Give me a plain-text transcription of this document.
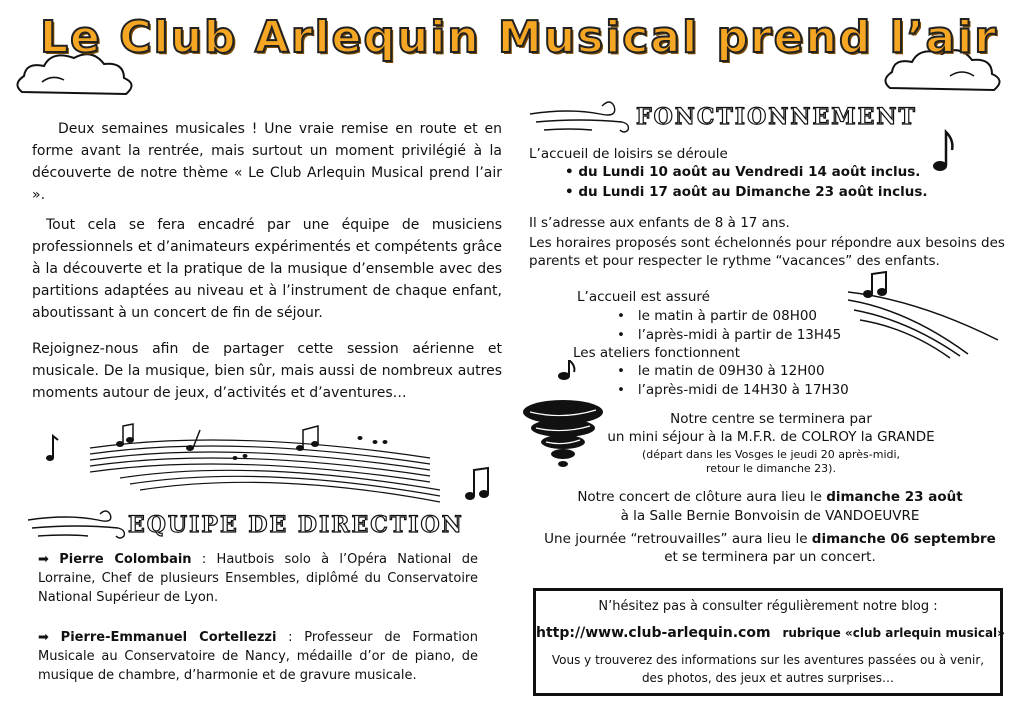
Le Club Arlequin Musical prend l’air

Deux semaines musicales ! Une vraie remise en route et en forme avant la rentrée, mais surtout un moment privilégié à la découverte de notre thème « Le Club Arlequin Musical prend l’air ».

Tout cela se fera encadré par une équipe de musiciens professionnels et d’animateurs expérimentés et compétents grâce à la découverte et la pratique de la musique d’ensemble avec des partitions adaptées au niveau et à l’instrument de chaque enfant, aboutissant à un concert de fin de séjour.

Rejoignez-nous afin de partager cette session aérienne et musicale. De la musique, bien sûr, mais aussi de nombreux autres moments autour de jeux, d’activités et d’aventures…

EQUIPE DE DIRECTION

➡ Pierre Colombain : Hautbois solo à l’Opéra National de Lorraine, Chef de plusieurs Ensembles, diplômé du Conservatoire National Supérieur de Lyon.

➡ Pierre-Emmanuel Cortellezzi : Professeur de Formation Musicale au Conservatoire de Nancy, médaille d’or de piano, de musique de chambre, d’harmonie et de gravure musicale.

FONCTIONNEMENT
L’accueil de loisirs se déroule
• du Lundi 10 août au Vendredi 14 août inclus.
• du Lundi 17 août au Dimanche 23 août inclus.
Il s’adresse aux enfants de 8 à 17 ans.
Les horaires proposés sont échelonnés pour répondre aux besoins des
parents et pour respecter le rythme “vacances” des enfants.
L’accueil est assuré
•   le matin à partir de 08H00
•   l’après-midi à partir de 13H45
Les ateliers fonctionnent
•   le matin de 09H30 à 12H00
•   l’après-midi de 14H30 à 17H30
Notre centre se terminera par
un mini séjour à la M.F.R. de COLROY la GRANDE
(départ dans les Vosges le jeudi 20 après-midi,
retour le dimanche 23).
Notre concert de clôture aura lieu le dimanche 23 août
à la Salle Bernie Bonvoisin de VANDOEUVRE
Une journée “retrouvailles” aura lieu le dimanche 06 septembre
et se terminera par un concert.
N’hésitez pas à consulter régulièrement notre blog :
http://www.club-arlequin.com rubrique «club arlequin musical»
Vous y trouverez des informations sur les aventures passées ou à venir,
des photos, des jeux et autres surprises…
